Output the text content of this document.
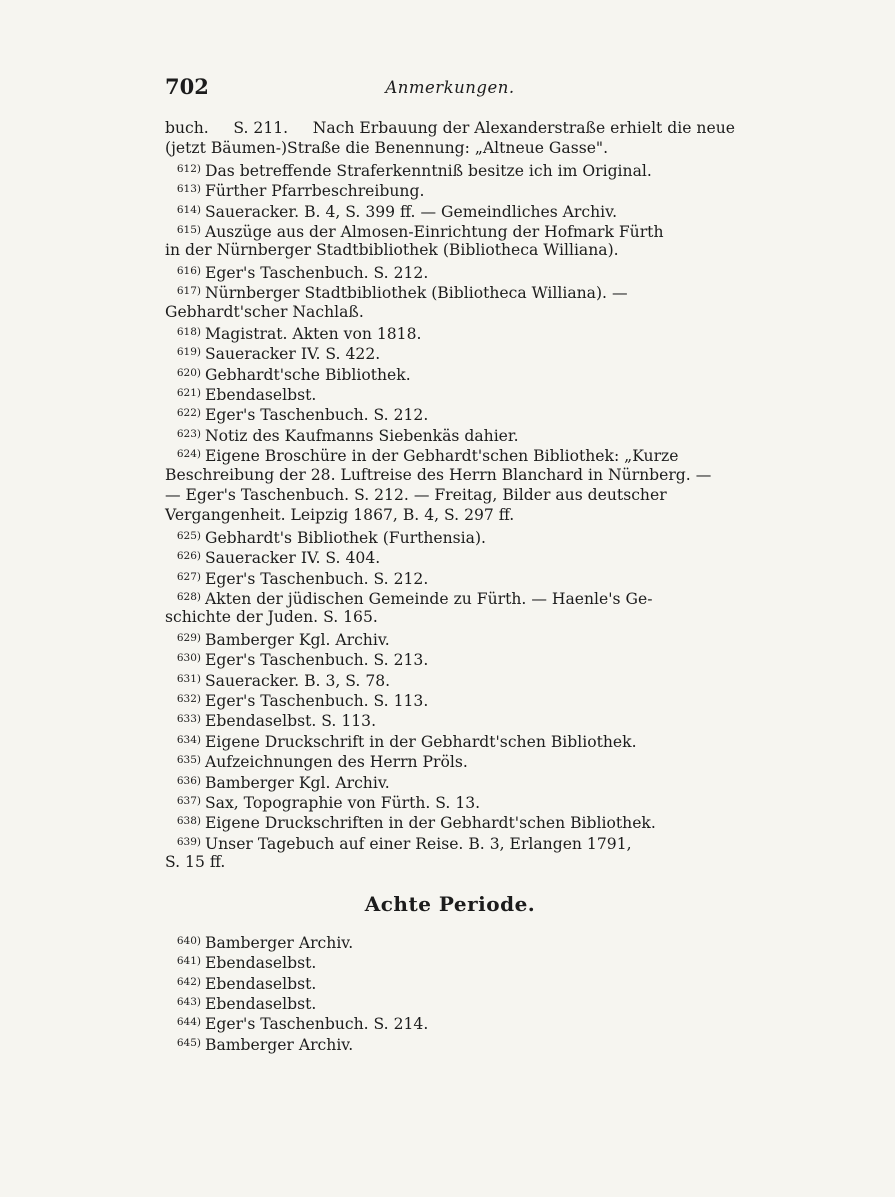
702	Anmerkungen.
buch. S. 211. Nach Erbauung der Alexanderstraße erhielt die neue
(jetzt Bäumen-)Straße die Benennung: „Altneue Gasse".
612) Das betreffende Straferkenntniß besitze ich im Original.
613) Fürther Pfarrbeschreibung.
614) Saueracker. B. 4, S. 399 ff. — Gemeindliches Archiv.
615) Auszüge aus der Almosen-Einrichtung der Hofmark Fürth
in der Nürnberger Stadtbibliothek (Bibliotheca Williana).
616) Eger's Taschenbuch. S. 212.
617) Nürnberger Stadtbibliothek (Bibliotheca Williana). —
Gebhardt'scher Nachlaß.
618) Magistrat. Akten von 1818.
619) Saueracker IV. S. 422.
620) Gebhardt'sche Bibliothek.
621) Ebendaselbst.
622) Eger's Taschenbuch. S. 212.
623) Notiz des Kaufmanns Siebenkäs dahier.
624) Eigene Broschüre in der Gebhardt'schen Bibliothek: „Kurze
Beschreibung der 28. Luftreise des Herrn Blanchard in Nürnberg. —
— Eger's Taschenbuch. S. 212. — Freitag, Bilder aus deutscher
Vergangenheit. Leipzig 1867, B. 4, S. 297 ff.
625) Gebhardt's Bibliothek (Furthensia).
626) Saueracker IV. S. 404.
627) Eger's Taschenbuch. S. 212.
628) Akten der jüdischen Gemeinde zu Fürth. — Haenle's Ge-
schichte der Juden. S. 165.
629) Bamberger Kgl. Archiv.
630) Eger's Taschenbuch. S. 213.
631) Saueracker. B. 3, S. 78.
632) Eger's Taschenbuch. S. 113.
633) Ebendaselbst. S. 113.
634) Eigene Druckschrift in der Gebhardt'schen Bibliothek.
635) Aufzeichnungen des Herrn Pröls.
636) Bamberger Kgl. Archiv.
637) Sax, Topographie von Fürth. S. 13.
638) Eigene Druckschriften in der Gebhardt'schen Bibliothek.
639) Unser Tagebuch auf einer Reise. B. 3, Erlangen 1791,
S. 15 ff.
Achte Periode.
640) Bamberger Archiv.
641) Ebendaselbst.
642) Ebendaselbst.
643) Ebendaselbst.
644) Eger's Taschenbuch. S. 214.
645) Bamberger Archiv.
